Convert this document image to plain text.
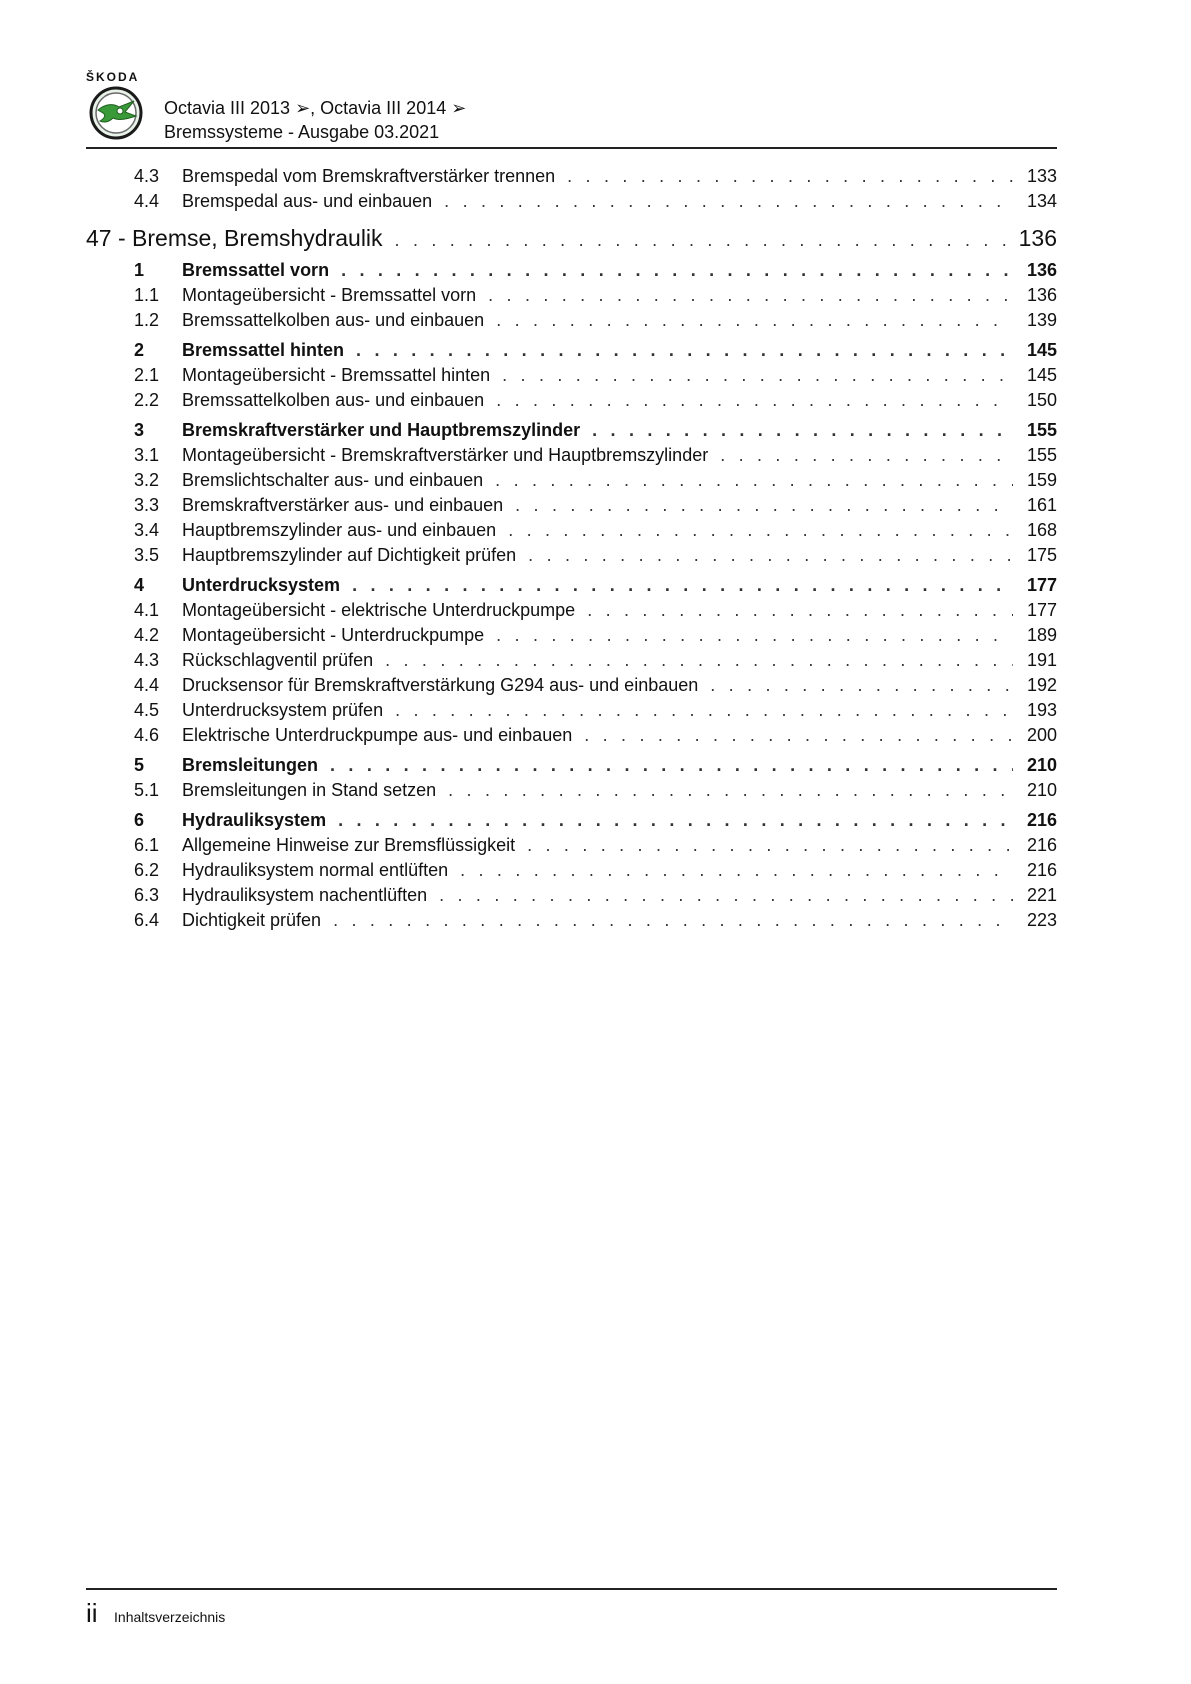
ŠKODA
Octavia III 2013 ➢, Octavia III 2014 ➢
Bremssysteme - Ausgabe 03.2021
4.3	Bremspedal vom Bremskraftverstärker trennen . . .	133
4.4	Bremspedal aus- und einbauen . . .	134
47 - Bremse, Bremshydraulik . . .	136
1	Bremssattel vorn . . .	136
1.1	Montageübersicht - Bremssattel vorn . . .	136
1.2	Bremssattelkolben aus- und einbauen . . .	139
2	Bremssattel hinten . . .	145
2.1	Montageübersicht - Bremssattel hinten . . .	145
2.2	Bremssattelkolben aus- und einbauen . . .	150
3	Bremskraftverstärker und Hauptbremszylinder . . .	155
3.1	Montageübersicht - Bremskraftverstärker und Hauptbremszylinder . . .	155
3.2	Bremslichtschalter aus- und einbauen . . .	159
3.3	Bremskraftverstärker aus- und einbauen . . .	161
3.4	Hauptbremszylinder aus- und einbauen . . .	168
3.5	Hauptbremszylinder auf Dichtigkeit prüfen . . .	175
4	Unterdrucksystem . . .	177
4.1	Montageübersicht - elektrische Unterdruckpumpe . . .	177
4.2	Montageübersicht - Unterdruckpumpe . . .	189
4.3	Rückschlagventil prüfen . . .	191
4.4	Drucksensor für Bremskraftverstärkung G294 aus- und einbauen . . .	192
4.5	Unterdrucksystem prüfen . . .	193
4.6	Elektrische Unterdruckpumpe aus- und einbauen . . .	200
5	Bremsleitungen . . .	210
5.1	Bremsleitungen in Stand setzen . . .	210
6	Hydrauliksystem . . .	216
6.1	Allgemeine Hinweise zur Bremsflüssigkeit . . .	216
6.2	Hydrauliksystem normal entlüften . . .	216
6.3	Hydrauliksystem nachentlüften . . .	221
6.4	Dichtigkeit prüfen . . .	223
ii Inhaltsverzeichnis
